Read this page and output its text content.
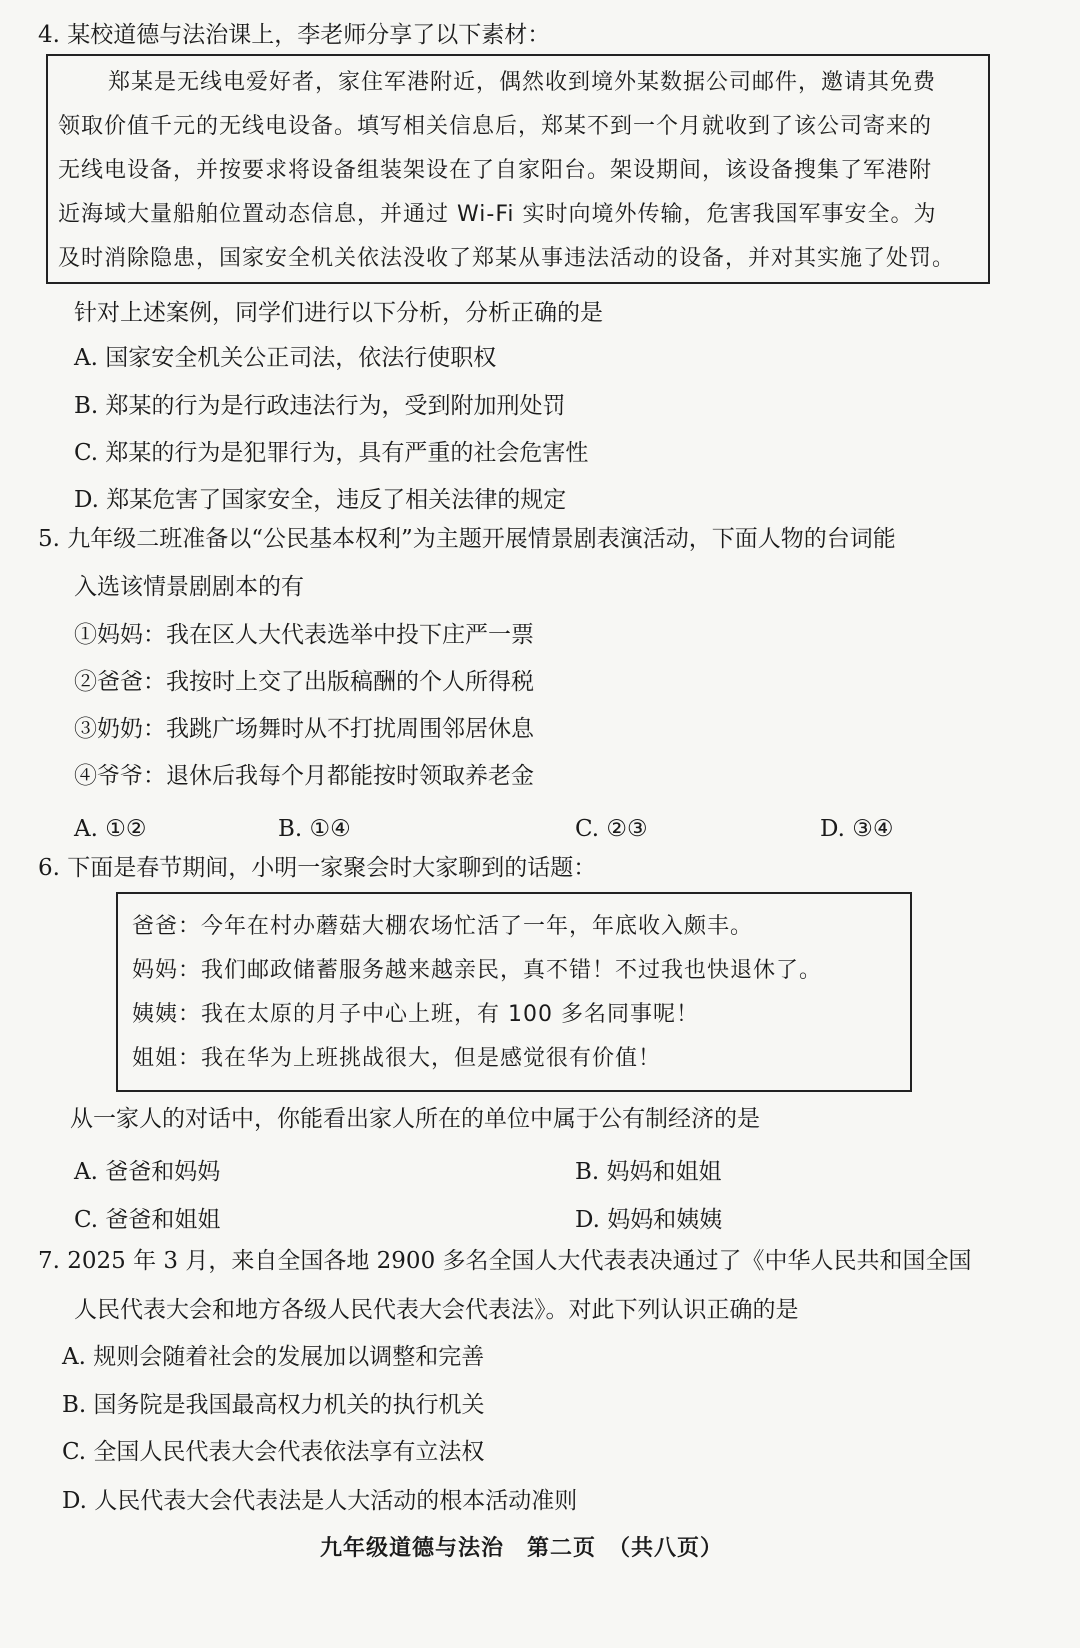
4. 某校道德与法治课上，李老师分享了以下素材：
郑某是无线电爱好者，家住军港附近，偶然收到境外某数据公司邮件，邀请其免费
领取价值千元的无线电设备。填写相关信息后，郑某不到一个月就收到了该公司寄来的
无线电设备，并按要求将设备组装架设在了自家阳台。架设期间，该设备搜集了军港附
近海域大量船舶位置动态信息，并通过 Wi-Fi 实时向境外传输，危害我国军事安全。为
及时消除隐患，国家安全机关依法没收了郑某从事违法活动的设备，并对其实施了处罚。
针对上述案例，同学们进行以下分析，分析正确的是
A. 国家安全机关公正司法，依法行使职权
B. 郑某的行为是行政违法行为，受到附加刑处罚
C. 郑某的行为是犯罪行为，具有严重的社会危害性
D. 郑某危害了国家安全，违反了相关法律的规定
5. 九年级二班准备以“公民基本权利”为主题开展情景剧表演活动，下面人物的台词能
入选该情景剧剧本的有
①妈妈：我在区人大代表选举中投下庄严一票
②爸爸：我按时上交了出版稿酬的个人所得税
③奶奶：我跳广场舞时从不打扰周围邻居休息
④爷爷：退休后我每个月都能按时领取养老金
A. ①②	B. ①④	C. ②③	D. ③④
6. 下面是春节期间，小明一家聚会时大家聊到的话题：
爸爸：今年在村办蘑菇大棚农场忙活了一年，年底收入颇丰。
妈妈：我们邮政储蓄服务越来越亲民，真不错！不过我也快退休了。
姨姨：我在太原的月子中心上班，有 100 多名同事呢！
姐姐：我在华为上班挑战很大，但是感觉很有价值！
从一家人的对话中，你能看出家人所在的单位中属于公有制经济的是
A. 爸爸和妈妈	B. 妈妈和姐姐
C. 爸爸和姐姐	D. 妈妈和姨姨
7. 2025 年 3 月，来自全国各地 2900 多名全国人大代表表决通过了《中华人民共和国全国
人民代表大会和地方各级人民代表大会代表法》。对此下列认识正确的是
A. 规则会随着社会的发展加以调整和完善
B. 国务院是我国最高权力机关的执行机关
C. 全国人民代表大会代表依法享有立法权
D. 人民代表大会代表法是人大活动的根本活动准则
九年级道德与法治　第二页　（共八页）
